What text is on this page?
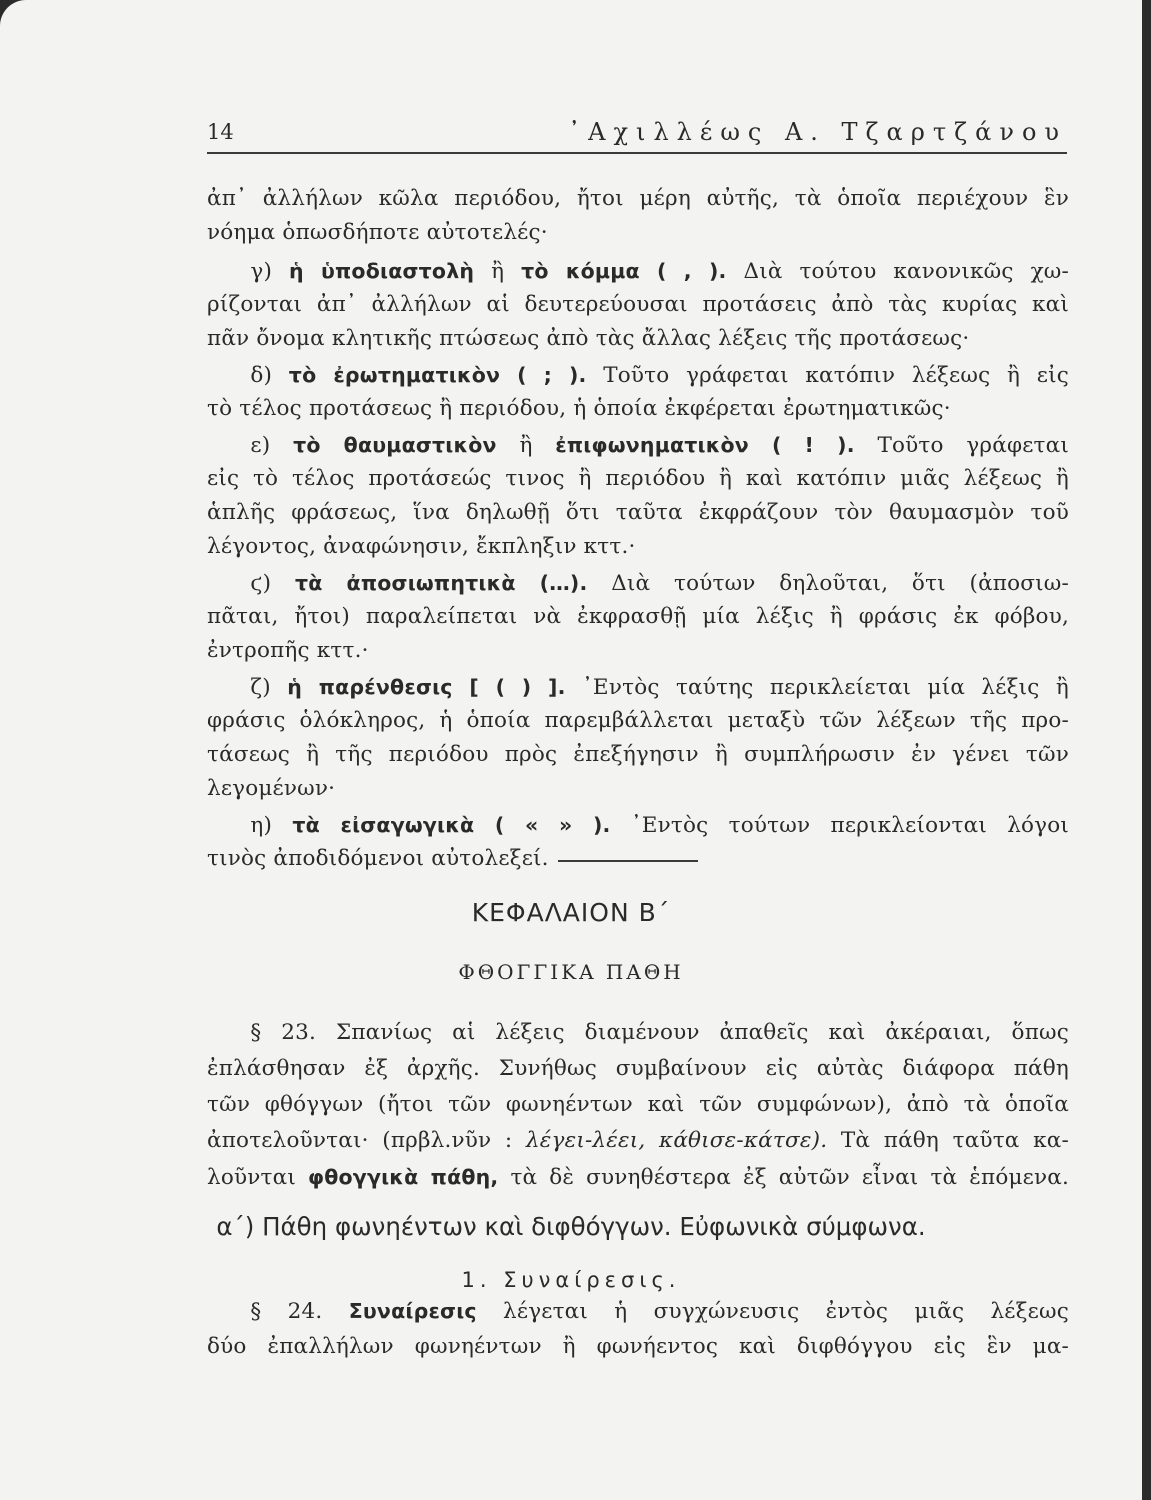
14	᾿Αχιλλέως Α. Τζαρτζάνου
ἀπ᾿ ἀλλήλων κῶλα περιόδου, ἤτοι μέρη αὐτῆς, τὰ ὁποῖα περιέχουν ἓν
νόημα ὁπωσδήποτε αὐτοτελές·
  γ) ἡ ὑποδιαστολὴ ἢ τὸ κόμμα ( , ). Διὰ τούτου κανονικῶς χω-
ρίζονται ἀπ᾿ ἀλλήλων αἱ δευτερεύουσαι προτάσεις ἀπὸ τὰς κυρίας καὶ
πᾶν ὄνομα κλητικῆς πτώσεως ἀπὸ τὰς ἄλλας λέξεις τῆς προτάσεως·
  δ) τὸ ἐρωτηματικὸν ( ; ). Τοῦτο γράφεται κατόπιν λέξεως ἢ εἰς
τὸ τέλος προτάσεως ἢ περιόδου, ἡ ὁποία ἐκφέρεται ἐρωτηματικῶς·
  ε) τὸ θαυμαστικὸν ἢ ἐπιφωνηματικὸν ( ! ). Τοῦτο γράφεται
εἰς τὸ τέλος προτάσεώς τινος ἢ περιόδου ἢ καὶ κατόπιν μιᾶς λέξεως ἢ
ἁπλῆς φράσεως, ἵνα δηλωθῇ ὅτι ταῦτα ἐκφράζουν τὸν θαυμασμὸν τοῦ
λέγοντος, ἀναφώνησιν, ἔκπληξιν κττ.·
  ϛ) τὰ ἀποσιωπητικὰ (…). Διὰ τούτων δηλοῦται, ὅτι (ἀποσιω-
πᾶται, ἤτοι) παραλείπεται νὰ ἐκφρασθῇ μία λέξις ἢ φράσις ἐκ φόβου,
ἐντροπῆς κττ.·
  ζ) ἡ παρένθεσις [ ( ) ]. ᾿Εντὸς ταύτης περικλείεται μία λέξις ἢ
φράσις ὁλόκληρος, ἡ ὁποία παρεμβάλλεται μεταξὺ τῶν λέξεων τῆς προ-
τάσεως ἢ τῆς περιόδου πρὸς ἐπεξήγησιν ἢ συμπλήρωσιν ἐν γένει τῶν
λεγομένων·
  η) τὰ εἰσαγωγικὰ ( « » ). ᾿Εντὸς τούτων περικλείονται λόγοι
τινὸς ἀποδιδόμενοι αὐτολεξεί.
ΚΕΦΑΛΑΙΟΝ Β΄
ΦΘΟΓΓΙΚΑ ΠΑΘΗ
  § 23. Σπανίως αἱ λέξεις διαμένουν ἀπαθεῖς καὶ ἀκέραιαι, ὅπως
ἐπλάσθησαν ἐξ ἀρχῆς. Συνήθως συμβαίνουν εἰς αὐτὰς διάφορα πάθη
τῶν φθόγγων (ἤτοι τῶν φωνηέντων καὶ τῶν συμφώνων), ἀπὸ τὰ ὁποῖα
ἀποτελοῦνται· (πρβλ.νῦν : λέγει-λέει, κάθισε-κάτσε). Τὰ πάθη ταῦτα κα-
λοῦνται φθογγικὰ πάθη, τὰ δὲ συνηθέστερα ἐξ αὐτῶν εἶναι τὰ ἑπόμενα.
α΄) Πάθη φωνηέντων καὶ διφθόγγων. Εὐφωνικὰ σύμφωνα.
1. Συναίρεσις.
  § 24. Συναίρεσις λέγεται ἡ συγχώνευσις ἐντὸς μιᾶς λέξεως
δύο ἐπαλλήλων φωνηέντων ἢ φωνήεντος καὶ διφθόγγου εἰς ἓν μα-
